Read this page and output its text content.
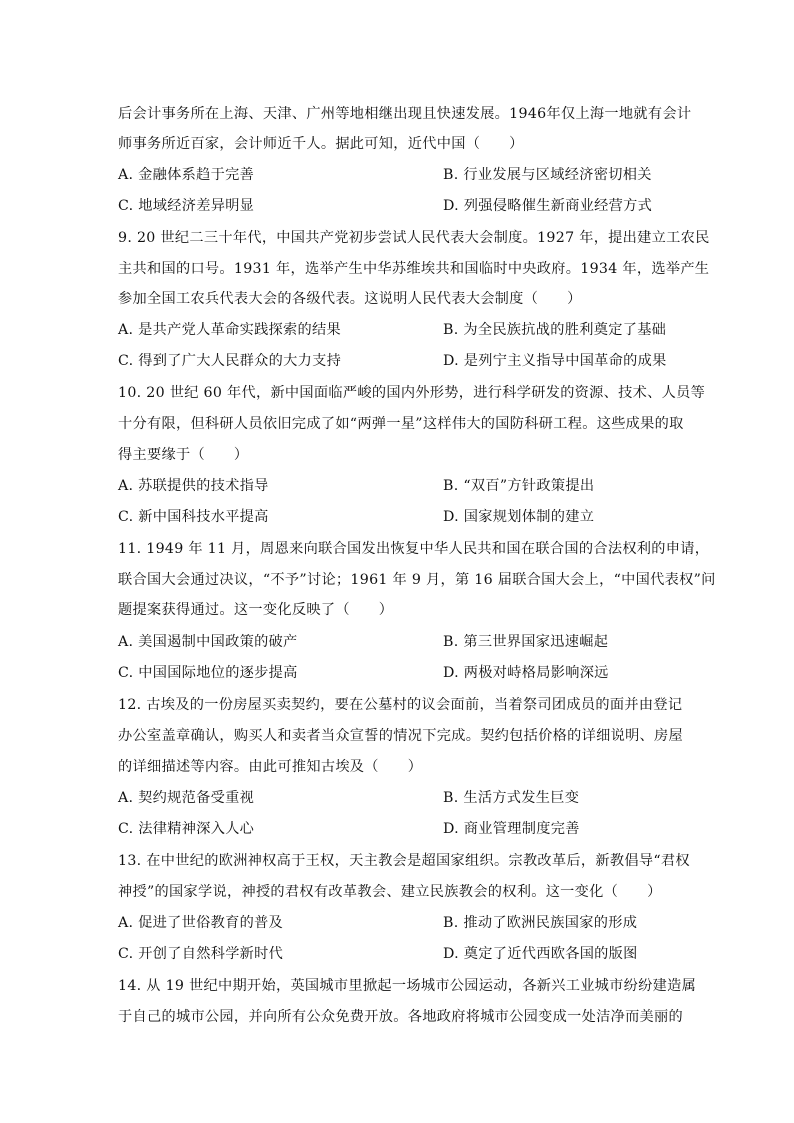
后会计事务所在上海、天津、广州等地相继出现且快速发展。1946年仅上海一地就有会计
师事务所近百家，会计师近千人。据此可知，近代中国（　　）
A. 金融体系趋于完善	B. 行业发展与区域经济密切相关
C. 地域经济差异明显	D. 列强侵略催生新商业经营方式
9. 20 世纪二三十年代，中国共产党初步尝试人民代表大会制度。1927 年，提出建立工农民
主共和国的口号。1931 年，选举产生中华苏维埃共和国临时中央政府。1934 年，选举产生
参加全国工农兵代表大会的各级代表。这说明人民代表大会制度（　　）
A. 是共产党人革命实践探索的结果	B. 为全民族抗战的胜利奠定了基础
C. 得到了广大人民群众的大力支持	D. 是列宁主义指导中国革命的成果
10. 20 世纪 60 年代，新中国面临严峻的国内外形势，进行科学研发的资源、技术、人员等
十分有限，但科研人员依旧完成了如“两弹一星”这样伟大的国防科研工程。这些成果的取
得主要缘于（　　）
A. 苏联提供的技术指导	B. “双百”方针政策提出
C. 新中国科技水平提高	D. 国家规划体制的建立
11. 1949 年 11 月，周恩来向联合国发出恢复中华人民共和国在联合国的合法权利的申请，
联合国大会通过决议，“不予”讨论；1961 年 9 月，第 16 届联合国大会上，“中国代表权”问
题提案获得通过。这一变化反映了（　　）
A. 美国遏制中国政策的破产	B. 第三世界国家迅速崛起
C. 中国国际地位的逐步提高	D. 两极对峙格局影响深远
12. 古埃及的一份房屋买卖契约，要在公墓村的议会面前，当着祭司团成员的面并由登记
办公室盖章确认，购买人和卖者当众宣誓的情况下完成。契约包括价格的详细说明、房屋
的详细描述等内容。由此可推知古埃及（　　）
A. 契约规范备受重视	B. 生活方式发生巨变
C. 法律精神深入人心	D. 商业管理制度完善
13. 在中世纪的欧洲神权高于王权，天主教会是超国家组织。宗教改革后，新教倡导“君权
神授”的国家学说，神授的君权有改革教会、建立民族教会的权利。这一变化（　　）
A. 促进了世俗教育的普及	B. 推动了欧洲民族国家的形成
C. 开创了自然科学新时代	D. 奠定了近代西欧各国的版图
14. 从 19 世纪中期开始，英国城市里掀起一场城市公园运动，各新兴工业城市纷纷建造属
于自己的城市公园，并向所有公众免费开放。各地政府将城市公园变成一处洁净而美丽的
